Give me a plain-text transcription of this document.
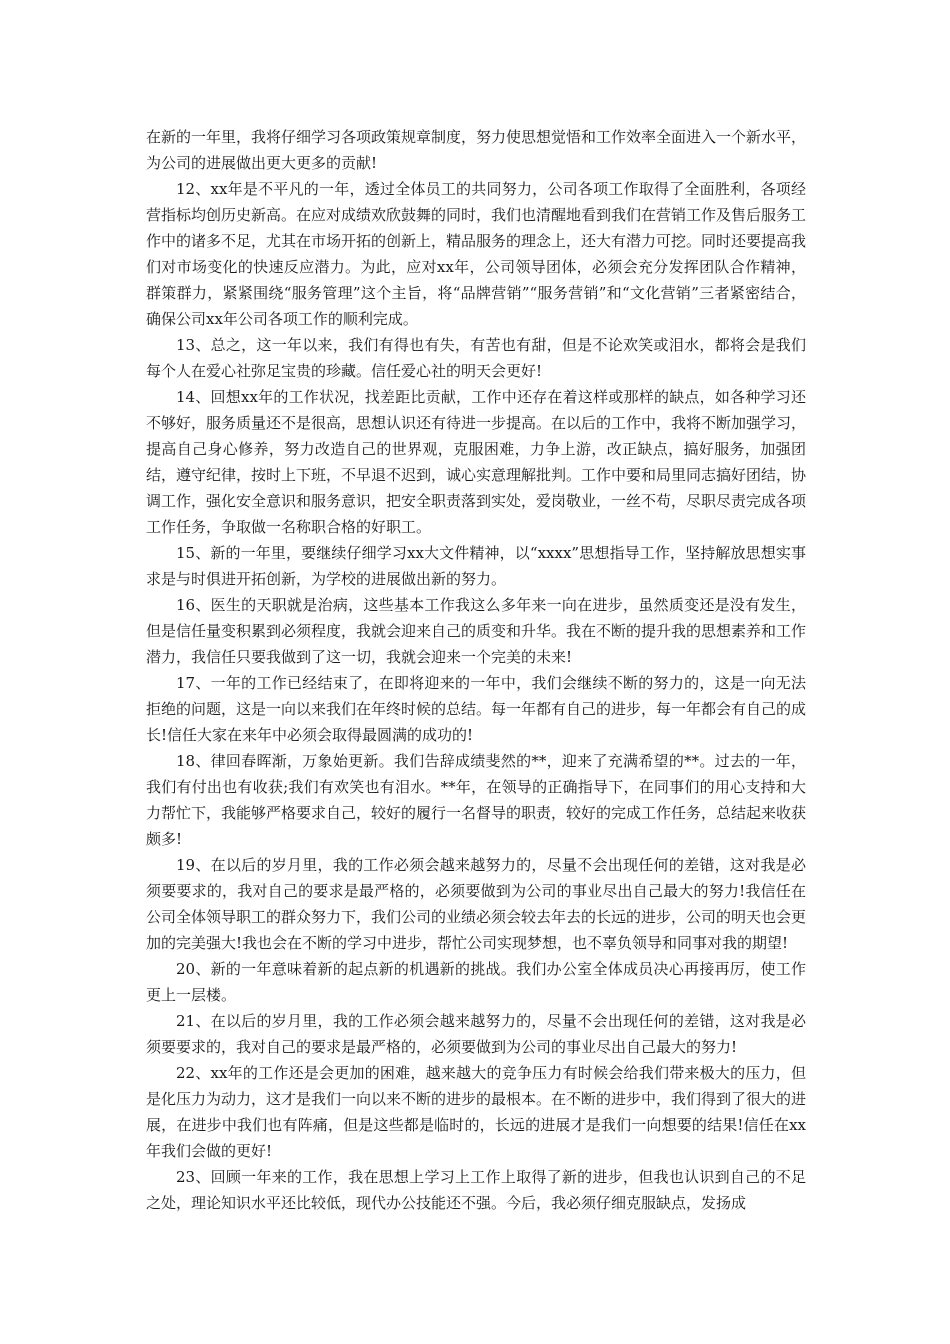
在新的一年里，我将仔细学习各项政策规章制度，努力使思想觉悟和工作效率全面进入一个新水平，为公司的进展做出更大更多的贡献!

12、xx年是不平凡的一年，透过全体员工的共同努力，公司各项工作取得了全面胜利，各项经营指标均创历史新高。在应对成绩欢欣鼓舞的同时，我们也清醒地看到我们在营销工作及售后服务工作中的诸多不足，尤其在市场开拓的创新上，精品服务的理念上，还大有潜力可挖。同时还要提高我们对市场变化的快速反应潜力。为此，应对xx年，公司领导团体，必须会充分发挥团队合作精神，群策群力，紧紧围绕“服务管理”这个主旨，将“品牌营销”“服务营销”和“文化营销”三者紧密结合，确保公司xx年公司各项工作的顺利完成。

13、总之，这一年以来，我们有得也有失，有苦也有甜，但是不论欢笑或泪水，都将会是我们每个人在爱心社弥足宝贵的珍藏。信任爱心社的明天会更好!

14、回想xx年的工作状况，找差距比贡献，工作中还存在着这样或那样的缺点，如各种学习还不够好，服务质量还不是很高，思想认识还有待进一步提高。在以后的工作中，我将不断加强学习，提高自己身心修养，努力改造自己的世界观，克服困难，力争上游，改正缺点，搞好服务，加强团结，遵守纪律，按时上下班，不早退不迟到，诚心实意理解批判。工作中要和局里同志搞好团结，协调工作，强化安全意识和服务意识，把安全职责落到实处，爱岗敬业，一丝不苟，尽职尽责完成各项工作任务，争取做一名称职合格的好职工。

15、新的一年里，要继续仔细学习xx大文件精神，以“xxxx”思想指导工作，坚持解放思想实事求是与时俱进开拓创新，为学校的进展做出新的努力。

16、医生的天职就是治病，这些基本工作我这么多年来一向在进步，虽然质变还是没有发生，但是信任量变积累到必须程度，我就会迎来自己的质变和升华。我在不断的提升我的思想素养和工作潜力，我信任只要我做到了这一切，我就会迎来一个完美的未来!

17、一年的工作已经结束了，在即将迎来的一年中，我们会继续不断的努力的，这是一向无法拒绝的问题，这是一向以来我们在年终时候的总结。每一年都有自己的进步，每一年都会有自己的成长!信任大家在来年中必须会取得最圆满的成功的!

18、律回春晖渐，万象始更新。我们告辞成绩斐然的**，迎来了充满希望的**。过去的一年，我们有付出也有收获;我们有欢笑也有泪水。**年，在领导的正确指导下，在同事们的用心支持和大力帮忙下，我能够严格要求自己，较好的履行一名督导的职责，较好的完成工作任务，总结起来收获颇多!

19、在以后的岁月里，我的工作必须会越来越努力的，尽量不会出现任何的差错，这对我是必须要要求的，我对自己的要求是最严格的，必须要做到为公司的事业尽出自己最大的努力!我信任在公司全体领导职工的群众努力下，我们公司的业绩必须会较去年去的长远的进步，公司的明天也会更加的完美强大!我也会在不断的学习中进步，帮忙公司实现梦想，也不辜负领导和同事对我的期望!

20、新的一年意味着新的起点新的机遇新的挑战。我们办公室全体成员决心再接再厉，使工作更上一层楼。

21、在以后的岁月里，我的工作必须会越来越努力的，尽量不会出现任何的差错，这对我是必须要要求的，我对自己的要求是最严格的，必须要做到为公司的事业尽出自己最大的努力!

22、xx年的工作还是会更加的困难，越来越大的竞争压力有时候会给我们带来极大的压力，但是化压力为动力，这才是我们一向以来不断的进步的最根本。在不断的进步中，我们得到了很大的进展，在进步中我们也有阵痛，但是这些都是临时的，长远的进展才是我们一向想要的结果!信任在xx年我们会做的更好!

23、回顾一年来的工作，我在思想上学习上工作上取得了新的进步，但我也认识到自己的不足之处，理论知识水平还比较低，现代办公技能还不强。今后，我必须仔细克服缺点，发扬成
